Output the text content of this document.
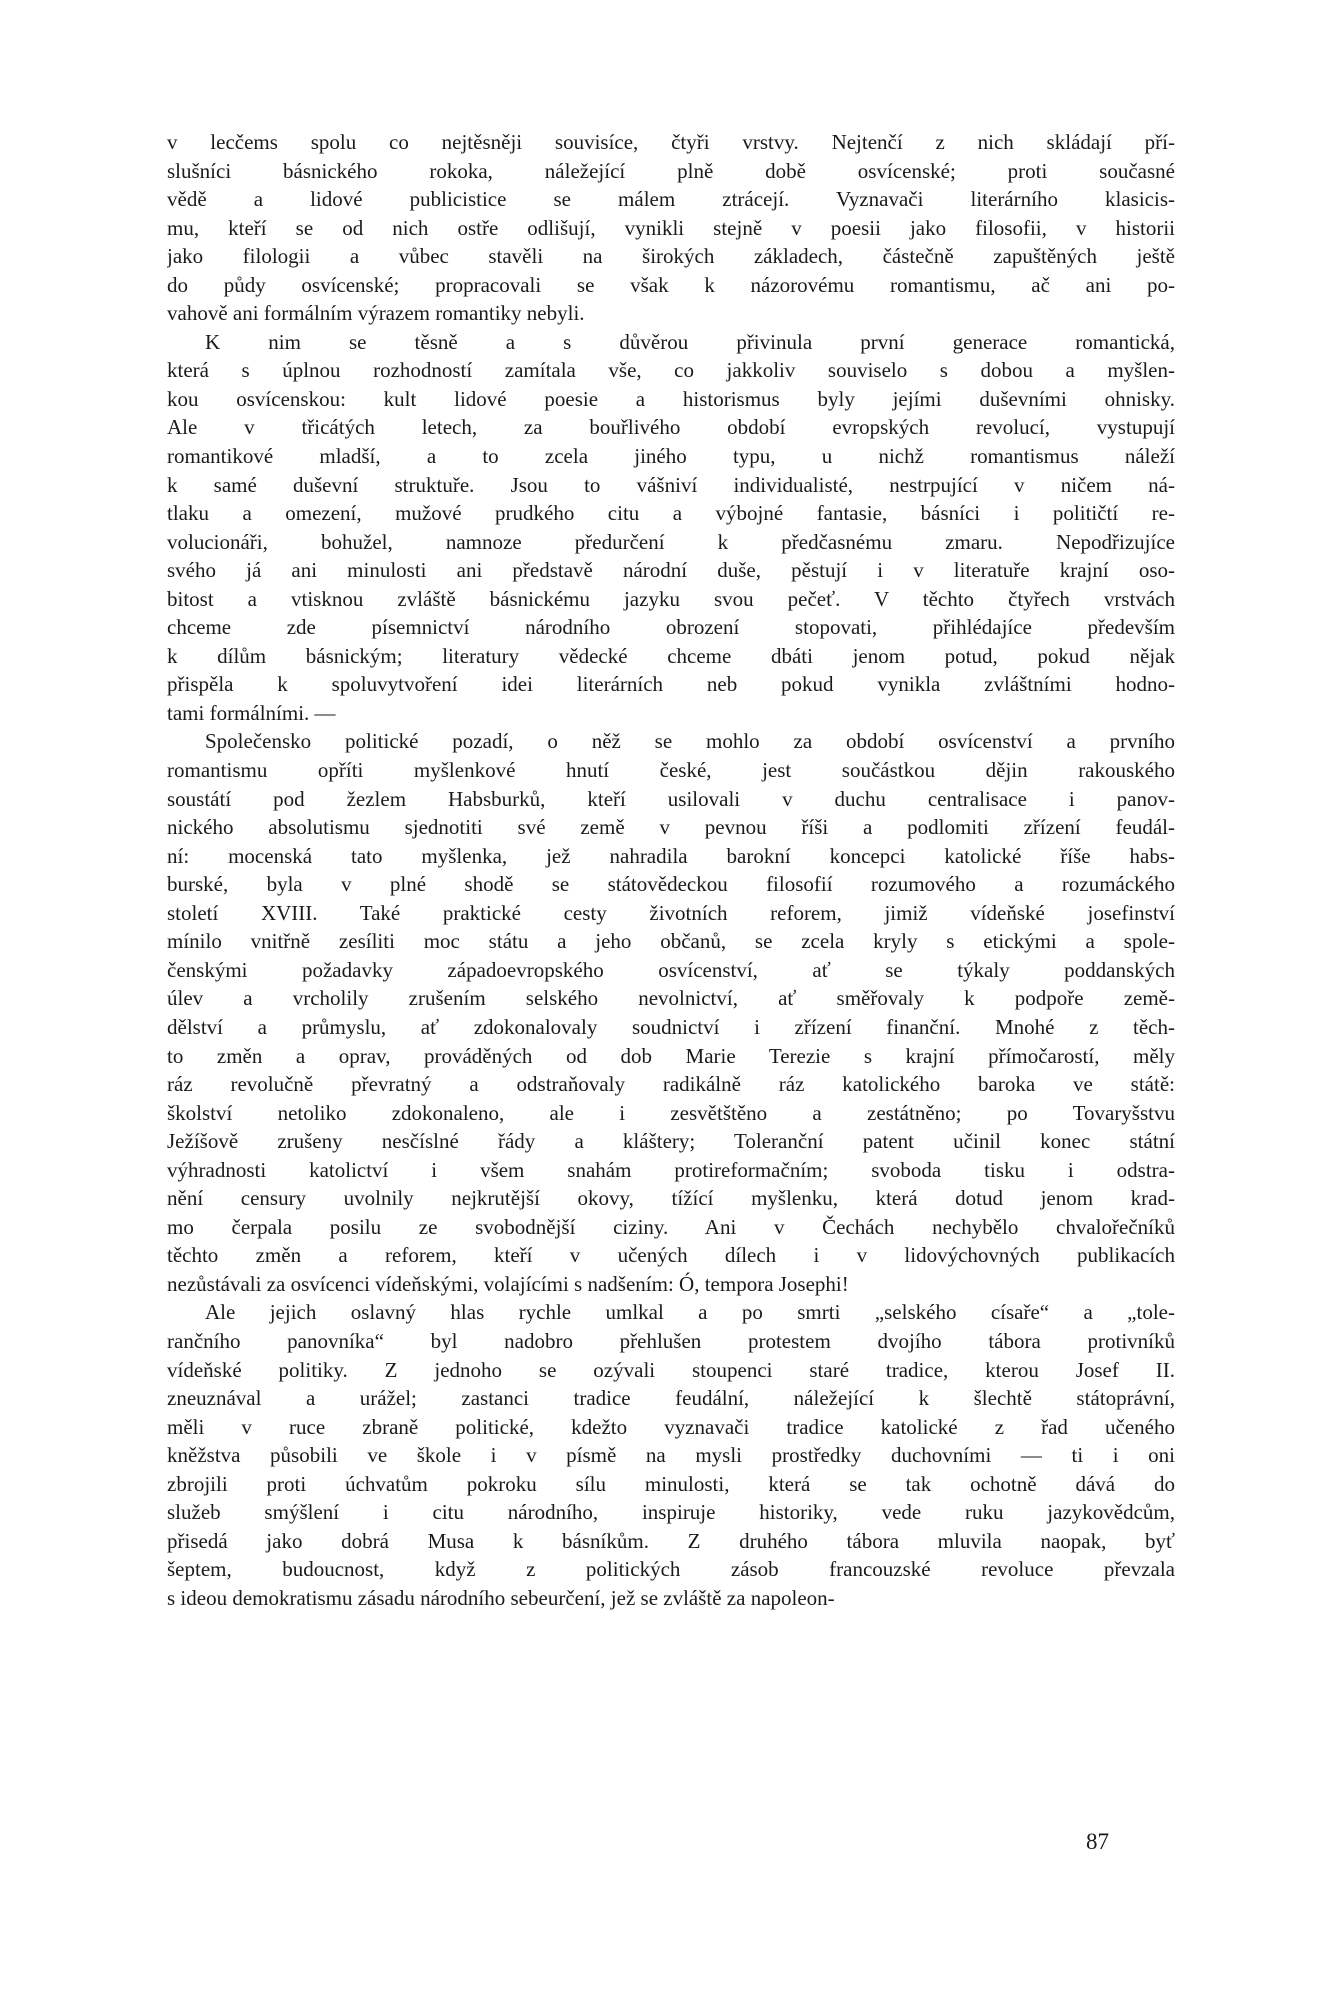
v lecčems spolu co nejtěsněji souvisíce, čtyři vrstvy. Nejtenčí z nich skládají pří-
slušníci básnického rokoka, náležející plně době osvícenské; proti současné
vědě a lidové publicistice se málem ztrácejí. Vyznavači literárního klasicis-
mu, kteří se od nich ostře odlišují, vynikli stejně v poesii jako filosofii, v historii
jako filologii a vůbec stavěli na širokých základech, částečně zapuštěných ještě
do půdy osvícenské; propracovali se však k názorovému romantismu, ač ani po-
vahově ani formálním výrazem romantiky nebyli.
K nim se těsně a s důvěrou přivinula první generace romantická,
která s úplnou rozhodností zamítala vše, co jakkoliv souviselo s dobou a myšlen-
kou osvícenskou: kult lidové poesie a historismus byly jejími duševními ohnisky.
Ale v třicátých letech, za bouřlivého období evropských revolucí, vystupují
romantikové mladší, a to zcela jiného typu, u nichž romantismus náleží
k samé duševní struktuře. Jsou to vášniví individualisté, nestrpující v ničem ná-
tlaku a omezení, mužové prudkého citu a výbojné fantasie, básníci i političtí re-
volucionáři, bohužel, namnoze předurčení k předčasnému zmaru. Nepodřizujíce
svého já ani minulosti ani představě národní duše, pěstují i v literatuře krajní oso-
bitost a vtisknou zvláště básnickému jazyku svou pečeť. V těchto čtyřech vrstvách
chceme zde písemnictví národního obrození stopovati, přihlédajíce především
k dílům básnickým; literatury vědecké chceme dbáti jenom potud, pokud nějak
přispěla k spoluvytvoření idei literárních neb pokud vynikla zvláštními hodno-
tami formálními. —
Společensko politické pozadí, o něž se mohlo za období osvícenství a prvního
romantismu opříti myšlenkové hnutí české, jest součástkou dějin rakouského
soustátí pod žezlem Habsburků, kteří usilovali v duchu centralisace i panov-
nického absolutismu sjednotiti své země v pevnou říši a podlomiti zřízení feudál-
ní: mocenská tato myšlenka, jež nahradila barokní koncepci katolické říše habs-
burské, byla v plné shodě se státovědeckou filosofií rozumového a rozumáckého
století XVIII. Také praktické cesty životních reforem, jimiž vídeňské josefinství
mínilo vnitřně zesíliti moc státu a jeho občanů, se zcela kryly s etickými a spole-
čenskými požadavky západoevropského osvícenství, ať se týkaly poddanských
úlev a vrcholily zrušením selského nevolnictví, ať směřovaly k podpoře země-
dělství a průmyslu, ať zdokonalovaly soudnictví i zřízení finanční. Mnohé z těch-
to změn a oprav, prováděných od dob Marie Terezie s krajní přímočarostí, měly
ráz revolučně převratný a odstraňovaly radikálně ráz katolického baroka ve státě:
školství netoliko zdokonaleno, ale i zesvětštěno a zestátněno; po Tovaryšstvu
Ježíšově zrušeny nesčíslné řády a kláštery; Toleranční patent učinil konec státní
výhradnosti katolictví i všem snahám protireformačním; svoboda tisku i odstra-
nění censury uvolnily nejkrutější okovy, tížící myšlenku, která dotud jenom krad-
mo čerpala posilu ze svobodnější ciziny. Ani v Čechách nechybělo chvalořečníků
těchto změn a reforem, kteří v učených dílech i v lidovýchovných publikacích
nezůstávali za osvícenci vídeňskými, volajícími s nadšením: Ó, tempora Josephi!
Ale jejich oslavný hlas rychle umlkal a po smrti „selského císaře“ a „tole-
rančního panovníka“ byl nadobro přehlušen protestem dvojího tábora protivníků
vídeňské politiky. Z jednoho se ozývali stoupenci staré tradice, kterou Josef II.
zneuznával a urážel; zastanci tradice feudální, náležející k šlechtě státoprávní,
měli v ruce zbraně politické, kdežto vyznavači tradice katolické z řad učeného
kněžstva působili ve škole i v písmě na mysli prostředky duchovními — ti i oni
zbrojili proti úchvatům pokroku sílu minulosti, která se tak ochotně dává do
služeb smýšlení i citu národního, inspiruje historiky, vede ruku jazykovědcům,
přisedá jako dobrá Musa k básníkům. Z druhého tábora mluvila naopak, byť
šeptem, budoucnost, když z politických zásob francouzské revoluce převzala
s ideou demokratismu zásadu národního sebeurčení, jež se zvláště za napoleon-
87
